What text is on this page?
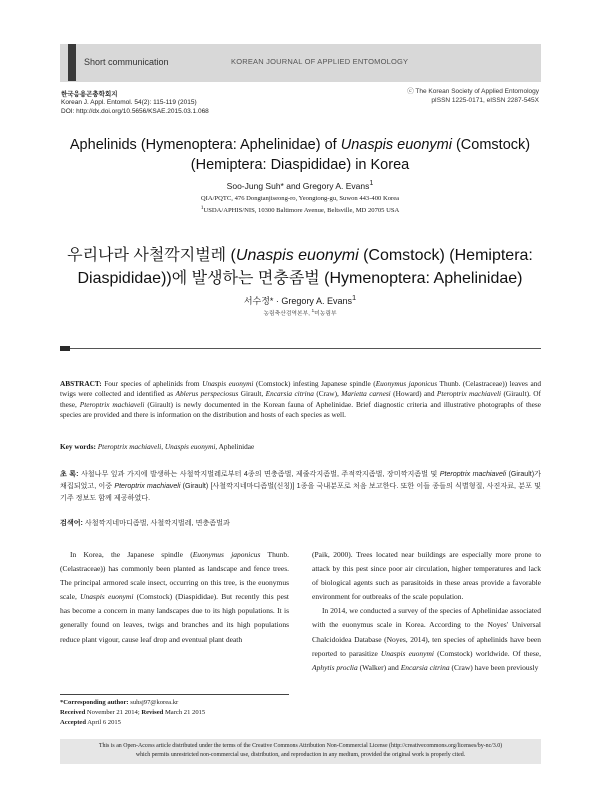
Short communication	KOREAN JOURNAL OF APPLIED ENTOMOLOGY
한국응용곤충학회지
Korean J. Appl. Entomol. 54(2): 115-119 (2015)
DOI: http://dx.doi.org/10.5656/KSAE.2015.03.1.068
ⓒ The Korean Society of Applied Entomology
pISSN 1225-0171, eISSN 2287-545X
Aphelinids (Hymenoptera: Aphelinidae) of Unaspis euonymi (Comstock)
(Hemiptera: Diaspididae) in Korea
Soo-Jung Suh* and Gregory A. Evans$^1$
QIA/PQTC, 476 Dongtanjiseong-ro, Yeongtong-gu, Suwon 443-400 Korea
$^1$USDA/APHIS/NIS, 10300 Baltimore Avenue, Beltsville, MD 20705 USA
우리나라 사철깍지벌레 (Unaspis euonymi (Comstock) (Hemiptera:
Diaspididae))에 발생하는 면충좀벌 (Hymenoptera: Aphelinidae)
서수정* · Gregory A. Evans$^1$
농림축산검역본부, $^1$미농림부
ABSTRACT: Four species of aphelinids from Unaspis euonymi (Comstock) infesting Japanese spindle (Euonymus japonicus Thunb. (Celastraceae)) leaves and twigs were collected and identified as Ablerus perspeciosus Girault, Encarsia citrina (Craw), Marietta carnesi (Howard) and Pteroptrix machiaveli (Girault). Of these, Pteroptrix machiaveli (Girault) is newly documented in the Korean fauna of Aphelinidae. Brief diagnostic criteria and illustrative photographs of these species are provided and there is information on the distribution and hosts of each species as well.
Key words: Pteroptrix machiaveli, Unaspis euonymi, Aphelinidae
초 록: 사철나무 잎과 가지에 발생하는 사철깍지벌레로부터 4종의 면충좀벌, 제줄각지좀벌, 주적깍지좀벌, 장미깍지좀벌 및 Pteroptrix machiaveli (Girault)가 채집되었고, 이중 Pteroptrix machiaveli (Girault) [사철깍지네마디좀벌(신칭)] 1종을 국내분포로 처음 보고한다. 또한 이들 종들의 식별형질, 사진자료, 분포 및 기주 정보도 함께 제공하였다.
검색어: 사철깍지네마디좀벌, 사철깍지벌레, 면충좀벌과
In Korea, the Japanese spindle (Euonymus japonicus Thunb. (Celastraceae)) has commonly been planted as landscape and fence trees. The principal armored scale insect, occurring on this tree, is the euonymus scale, Unaspis euonymi (Comstock) (Diaspididae). But recently this pest has become a concern in many landscapes due to its high populations. It is generally found on leaves, twigs and branches and its high populations reduce plant vigour, cause leaf drop and eventual plant death

(Paik, 2000). Trees located near buildings are especially more prone to attack by this pest since poor air circulation, higher temperatures and lack of biological agents such as parasitoids in these areas provide a favorable environment for outbreaks of the scale population.

In 2014, we conducted a survey of the species of Aphelinidae associated with the euonymus scale in Korea. According to the Noyes' Universal Chalcidoidea Database (Noyes, 2014), ten species of aphelinids have been reported to parasitize Unaspis euonymi (Comstock) worldwide. Of these, Aphytis proclia (Walker) and Encarsia citrina (Craw) have been previously

*Corresponding author: suhsj97@korea.kr
Received November 21 2014; Revised March 21 2015
Accepted April 6 2015
This is an Open-Access article distributed under the terms of the Creative Commons Attribution Non-Commercial License (http://creativecommons.org/licenses/by-nc/3.0)
which permits unrestricted non-commercial use, distribution, and reproduction in any medium, provided the original work is properly cited.
